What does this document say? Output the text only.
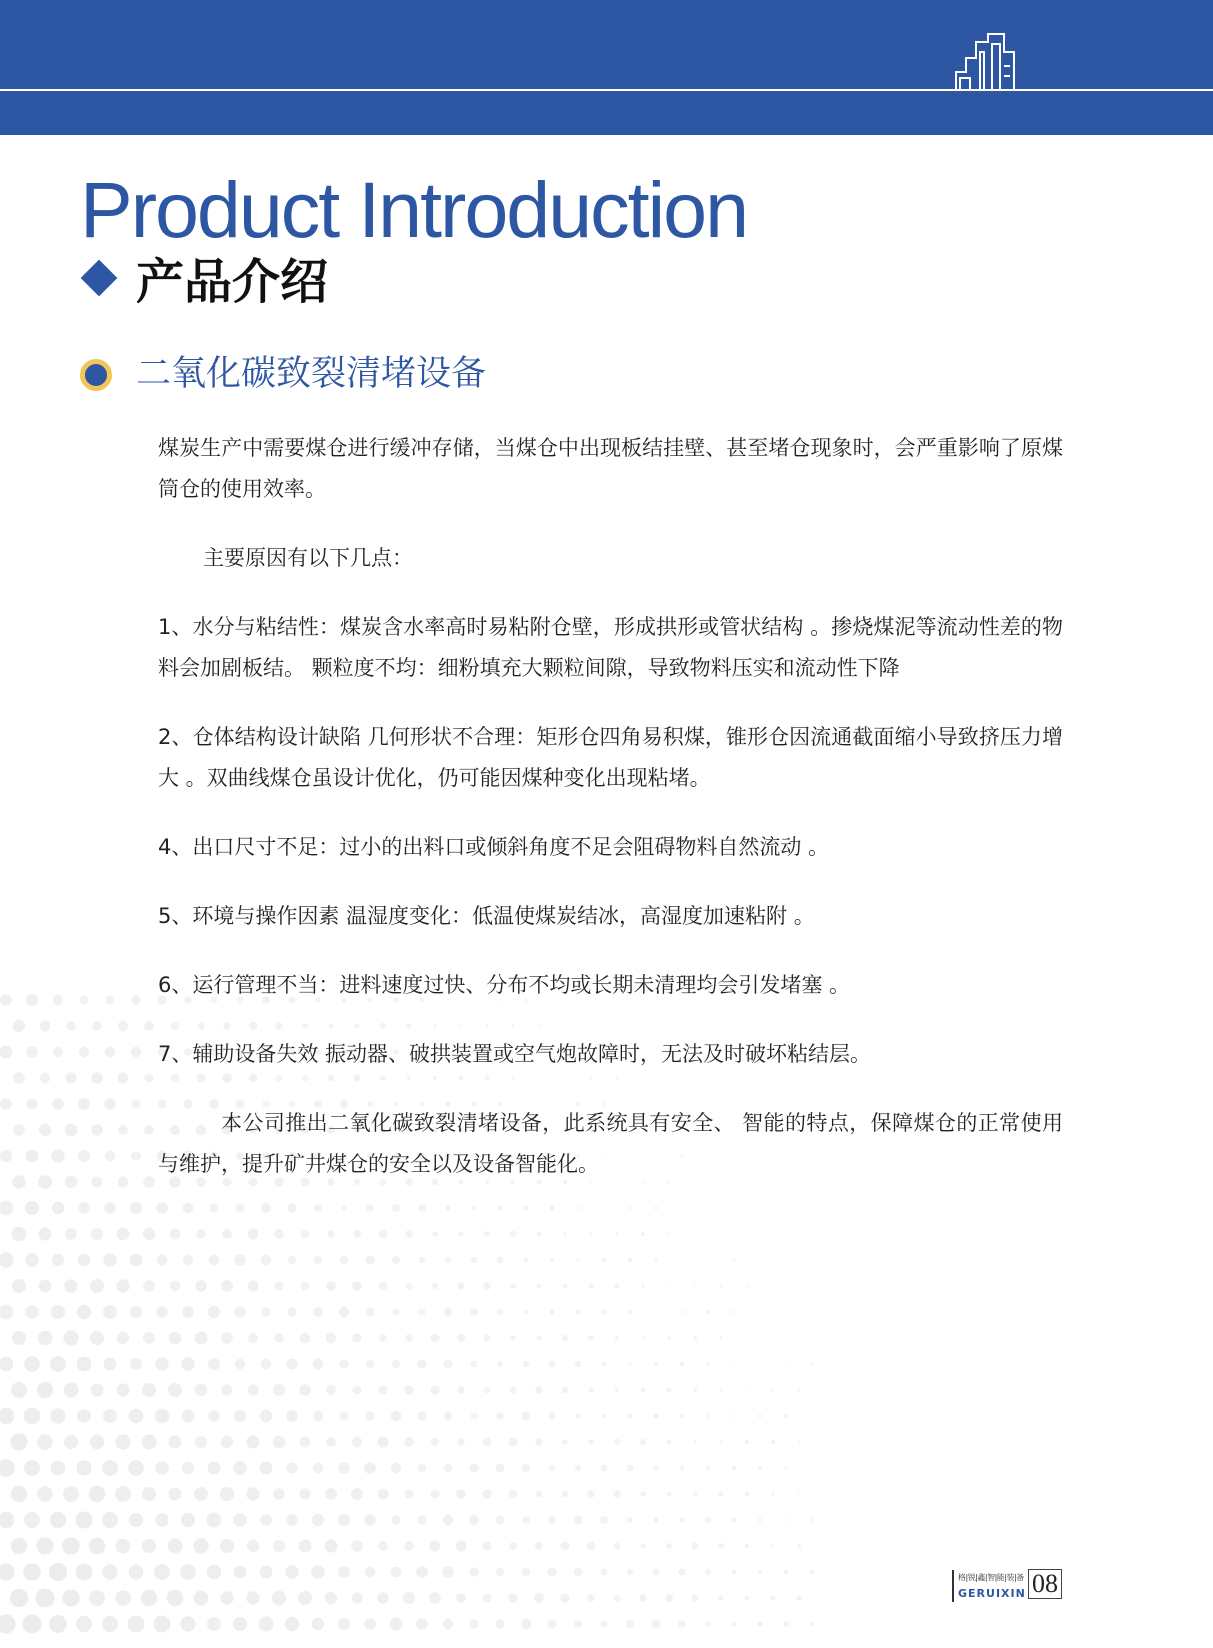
Product Introduction
产品介绍
二氧化碳致裂清堵设备

煤炭生产中需要煤仓进行缓冲存储，当煤仓中出现板结挂壁、甚至堵仓现象时，会严重影响了原煤筒仓的使用效率。

主要原因有以下几点：

1、水分与粘结性：煤炭含水率高时易粘附仓壁，形成拱形或管状结构 。掺烧煤泥等流动性差的物料会加剧板结。 颗粒度不均：细粉填充大颗粒间隙，导致物料压实和流动性下降

2、仓体结构设计缺陷 几何形状不合理：矩形仓四角易积煤，锥形仓因流通截面缩小导致挤压力增大 。双曲线煤仓虽设计优化，仍可能因煤种变化出现粘堵。

4、出口尺寸不足：过小的出料口或倾斜角度不足会阻碍物料自然流动 。

5、环境与操作因素 温湿度变化：低温使煤炭结冰，高湿度加速粘附 。

6、运行管理不当：进料速度过快、分布不均或长期未清理均会引发堵塞 。

7、辅助设备失效 振动器、破拱装置或空气炮故障时，无法及时破坏粘结层。

本公司推出二氧化碳致裂清堵设备，此系统具有安全、 智能的特点，保障煤仓的正常使用与维护，提升矿井煤仓的安全以及设备智能化。

格|锐|鑫|智|能|装|备
GERUIXIN 08
